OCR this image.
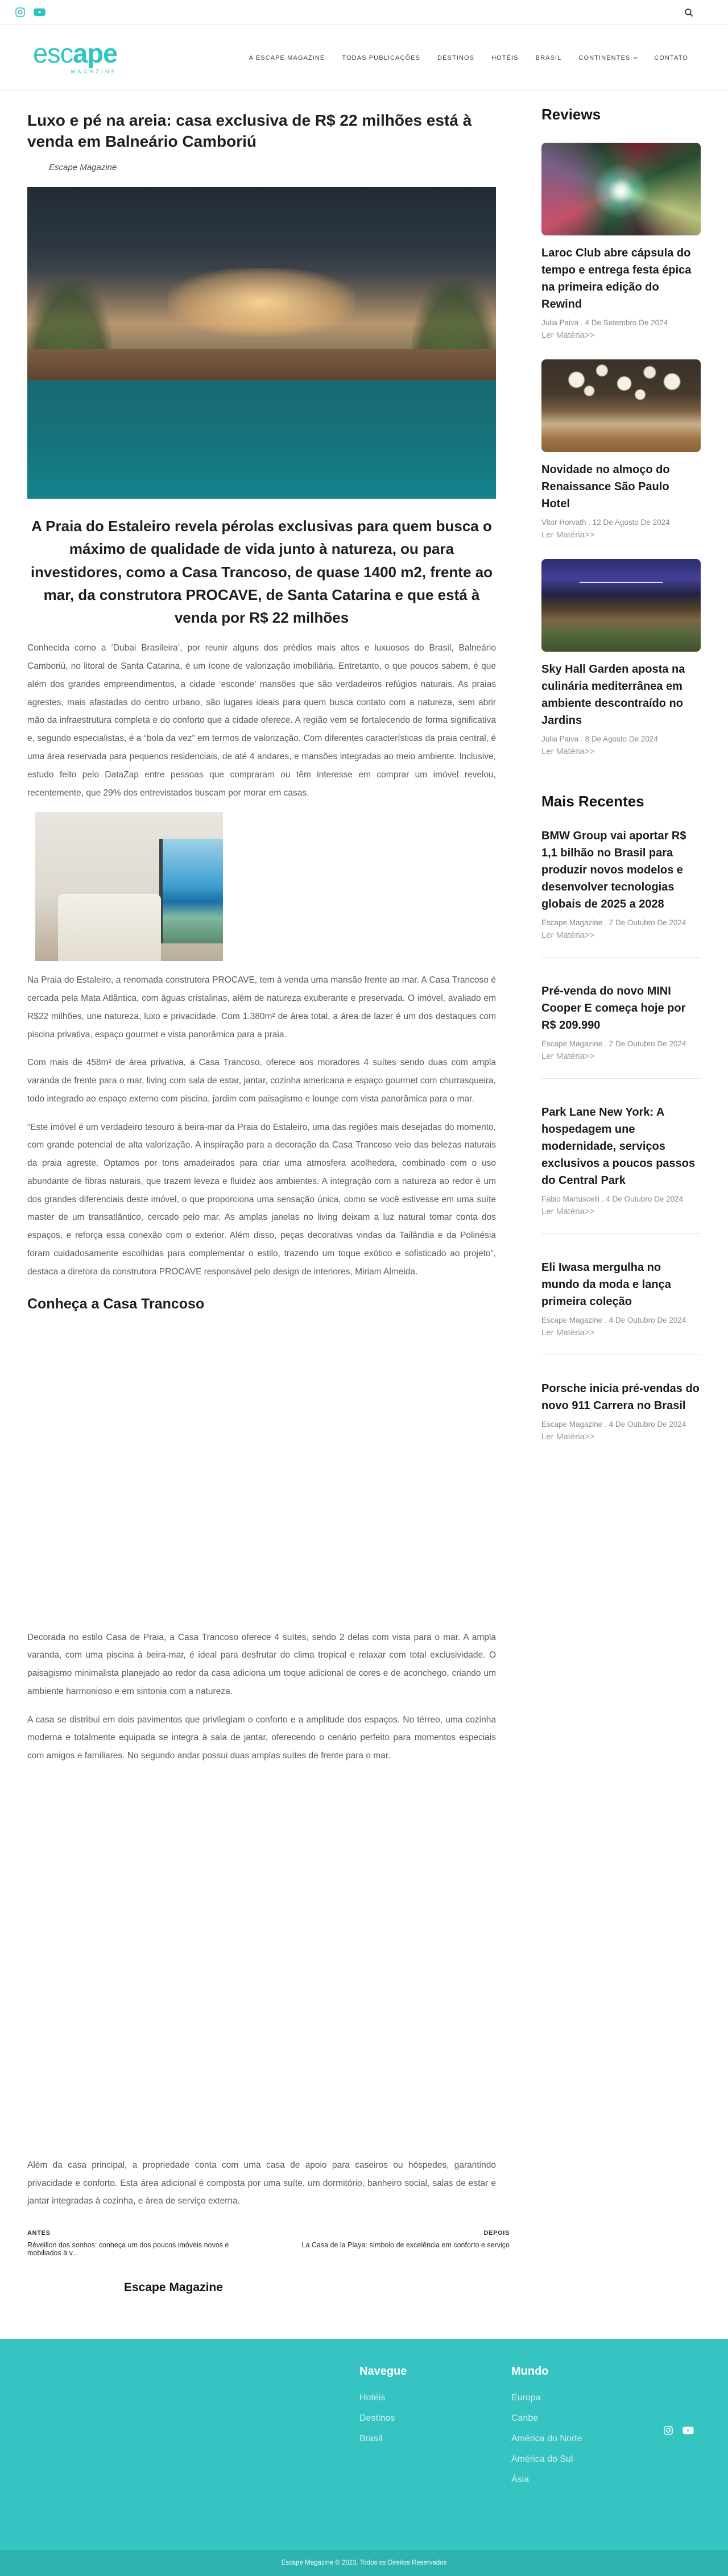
escape
MAGAZINE
A ESCAPE MAGAZINE	TODAS PUBLICAÇÕES	DESTINOS	HOTÉIS	BRASIL	CONTINENTES	CONTATO
Luxo e pé na areia: casa exclusiva de R$ 22 milhões está à venda em Balneário Camboriú
Escape Magazine
A Praia do Estaleiro revela pérolas exclusivas para quem busca o máximo de qualidade de vida junto à natureza, ou para investidores, como a Casa Trancoso, de quase 1400 m2, frente ao mar, da construtora PROCAVE, de Santa Catarina e que está à venda por R$ 22 milhões

Conhecida como a ‘Dubai Brasileira’, por reunir alguns dos prédios mais altos e luxuosos do Brasil, Balneário Camboriú, no litoral de Santa Catarina, é um ícone de valorização imobiliária. Entretanto, o que poucos sabem, é que além dos grandes empreendimentos, a cidade ‘esconde’ mansões que são verdadeiros refúgios naturais. As praias agrestes, mais afastadas do centro urbano, são lugares ideais para quem busca contato com a natureza, sem abrir mão da infraestrutura completa e do conforto que a cidade oferece. A região vem se fortalecendo de forma significativa e, segundo especialistas, é a “bola da vez” em termos de valorização. Com diferentes características da praia central, é uma área reservada para pequenos residenciais, de até 4 andares, e mansões integradas ao meio ambiente. Inclusive, estudo feito pelo DataZap entre pessoas que compraram ou têm interesse em comprar um imóvel revelou, recentemente, que 29% dos entrevistados buscam por morar em casas.

Na Praia do Estaleiro, a renomada construtora PROCAVE, tem à venda uma mansão frente ao mar. A Casa Trancoso é cercada pela Mata Atlântica, com águas cristalinas, além de natureza exuberante e preservada. O imóvel, avaliado em R$22 milhões, une natureza, luxo e privacidade. Com 1.380m² de área total, a área de lazer é um dos destaques com piscina privativa, espaço gourmet e vista panorâmica para a praia.

Com mais de 458m² de área privativa, a Casa Trancoso, oferece aos moradores 4 suítes sendo duas com ampla varanda de frente para o mar, living com sala de estar, jantar, cozinha americana e espaço gourmet com churrasqueira, todo integrado ao espaço externo com piscina, jardim com paisagismo e lounge com vista panorâmica para o mar.

“Este imóvel é um verdadeiro tesouro à beira-mar da Praia do Estaleiro, uma das regiões mais desejadas do momento, com grande potencial de alta valorização. A inspiração para a decoração da Casa Trancoso veio das belezas naturais da praia agreste. Optamos por tons amadeirados para criar uma atmosfera acolhedora, combinado com o uso abundante de fibras naturais, que trazem leveza e fluidez aos ambientes. A integração com a natureza ao redor é um dos grandes diferenciais deste imóvel, o que proporciona uma sensação única, como se você estivesse em uma suíte master de um transatlântico, cercado pelo mar. As amplas janelas no living deixam a luz natural tomar conta dos espaços, e reforça essa conexão com o exterior. Além disso, peças decorativas vindas da Tailândia e da Polinésia foram cuidadosamente escolhidas para complementar o estilo, trazendo um toque exótico e sofisticado ao projeto”, destaca a diretora da construtora PROCAVE responsável pelo design de interiores, Miriam Almeida.

Conheça a Casa Trancoso

Decorada no estilo Casa de Praia, a Casa Trancoso oferece 4 suítes, sendo 2 delas com vista para o mar. A ampla varanda, com uma piscina à beira-mar, é ideal para desfrutar do clima tropical e relaxar com total exclusividade. O paisagismo minimalista planejado ao redor da casa adiciona um toque adicional de cores e de aconchego, criando um ambiente harmonioso e em sintonia com a natureza.

A casa se distribui em dois pavimentos que privilegiam o conforto e a amplitude dos espaços. No térreo, uma cozinha moderna e totalmente equipada se integra à sala de jantar, oferecendo o cenário perfeito para momentos especiais com amigos e familiares. No segundo andar possui duas amplas suítes de frente para o mar.

Além da casa principal, a propriedade conta com uma casa de apoio para caseiros ou hóspedes, garantindo privacidade e conforto. Esta área adicional é composta por uma suíte, um dormitório, banheiro social, salas de estar e jantar integradas à cozinha, e área de serviço externa.

ANTES
Réveillon dos sonhos: conheça um dos poucos imóveis novos e mobiliados à v...
DEPOIS
La Casa de la Playa: símbolo de excelência em conforto e serviço
Escape Magazine
Reviews
Laroc Club abre cápsula do tempo e entrega festa épica na primeira edição do Rewind
Julia Paiva . 4 De Setembro De 2024
Ler Matéria>>
Novidade no almoço do Renaissance São Paulo Hotel
Vitor Horvath . 12 De Agosto De 2024
Ler Matéria>>
Sky Hall Garden aposta na culinária mediterrânea em ambiente descontraído no Jardins
Julia Paiva . 8 De Agosto De 2024
Ler Matéria>>
Mais Recentes
BMW Group vai aportar R$ 1,1 bilhão no Brasil para produzir novos modelos e desenvolver tecnologias globais de 2025 a 2028
Escape Magazine . 7 De Outubro De 2024
Ler Matéria>>
Pré-venda do novo MINI Cooper E começa hoje por R$ 209.990
Escape Magazine . 7 De Outubro De 2024
Ler Matéria>>
Park Lane New York: A hospedagem une modernidade, serviços exclusivos a poucos passos do Central Park
Fabio Martuscelli . 4 De Outubro De 2024
Ler Matéria>>
Eli Iwasa mergulha no mundo da moda e lança primeira coleção
Escape Magazine . 4 De Outubro De 2024
Ler Matéria>>
Porsche inicia pré-vendas do novo 911 Carrera no Brasil
Escape Magazine . 4 De Outubro De 2024
Ler Matéria>>
Navegue
Hotéis
Destinos
Brasil
Mundo
Europa
Caribe
América do Norte
América do Sul
Ásia
Escape Magazine © 2023. Todos os Direitos Reservados
